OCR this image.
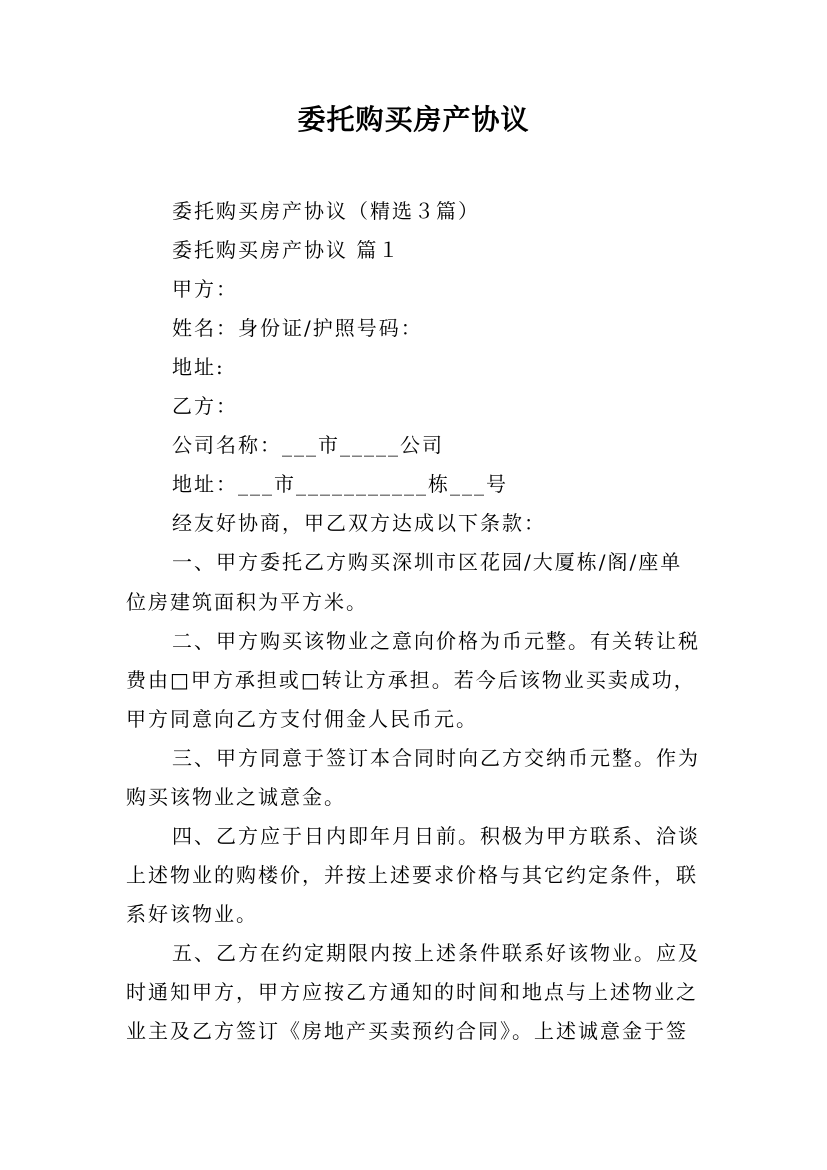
委托购买房产协议
委托购买房产协议（精选３篇）
委托购买房产协议 篇１
甲方：
姓名：身份证/护照号码：
地址:
乙方：
公司名称：___市_____公司
地址：___市___________栋___号
经友好协商，甲乙双方达成以下条款：
一、甲方委托乙方购买深圳市区花园/大厦栋/阁/座单
位房建筑面积为平方米。
二、甲方购买该物业之意向价格为币元整。有关转让税
费由□甲方承担或□转让方承担。若今后该物业买卖成功，
甲方同意向乙方支付佣金人民币元。
三、甲方同意于签订本合同时向乙方交纳币元整。作为
购买该物业之诚意金。
四、乙方应于日内即年月日前。积极为甲方联系、洽谈
上述物业的购楼价，并按上述要求价格与其它约定条件，联
系好该物业。
五、乙方在约定期限内按上述条件联系好该物业。应及
时通知甲方，甲方应按乙方通知的时间和地点与上述物业之
业主及乙方签订《房地产买卖预约合同》。上述诚意金于签
